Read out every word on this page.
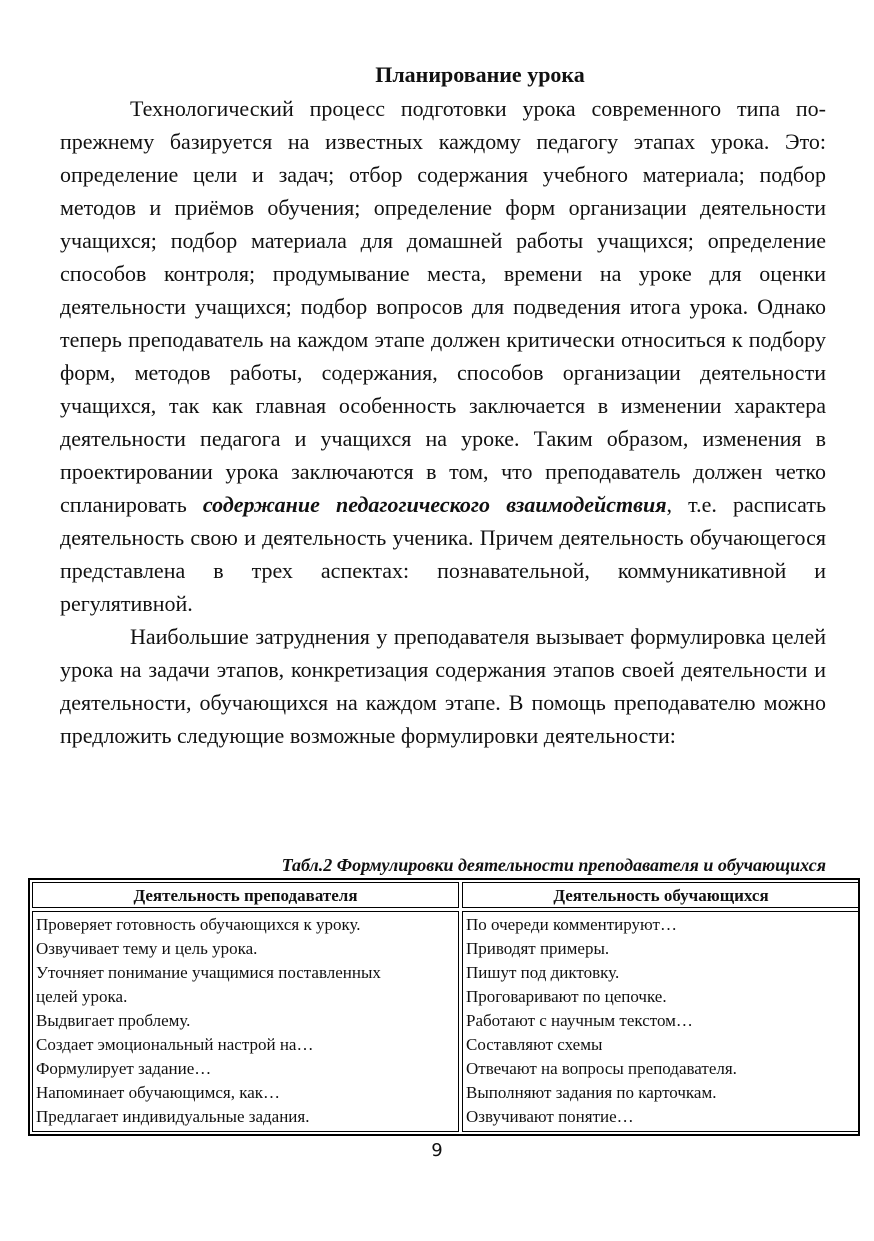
Планирование урока

Технологический процесс подготовки урока современного типа по-прежнему базируется на известных каждому педагогу этапах урока. Это: определение цели и задач; отбор содержания учебного материала; подбор методов и приёмов обучения; определение форм организации деятельности учащихся; подбор материала для домашней работы учащихся; определение способов контроля; продумывание места, времени на уроке для оценки деятельности учащихся; подбор вопросов для подведения итога урока. Однако теперь преподаватель на каждом этапе должен критически относиться к подбору форм, методов работы, содержания, способов организации деятельности учащихся, так как главная особенность заключается в изменении характера деятельности педагога и учащихся на уроке. Таким образом, изменения в проектировании урока заключаются в том, что преподаватель должен четко спланировать содержание педагогического взаимодействия, т.е. расписать деятельность свою и деятельность ученика. Причем деятельность обучающегося представлена в трех аспектах: познавательной, коммуникативной и регулятивной.

Наибольшие затруднения у преподавателя вызывает формулировка целей урока на задачи этапов, конкретизация содержания этапов своей деятельности и деятельности, обучающихся на каждом этапе. В помощь преподавателю можно предложить следующие возможные формулировки деятельности:

Табл.2 Формулировки деятельности преподавателя и обучающихся
Деятельность преподавателя	Деятельность обучающихся
Проверяет готовность обучающихся к уроку.
Озвучивает тему и цель урока.
Уточняет понимание учащимися поставленных
целей урока.
Выдвигает проблему.
Создает эмоциональный настрой на…
Формулирует задание…
Напоминает обучающимся, как…
Предлагает индивидуальные задания.
По очереди комментируют…
Приводят примеры.
Пишут под диктовку.
Проговаривают по цепочке.
Работают с научным текстом…
Составляют схемы
Отвечают на вопросы преподавателя.
Выполняют задания по карточкам.
Озвучивают понятие…
9
